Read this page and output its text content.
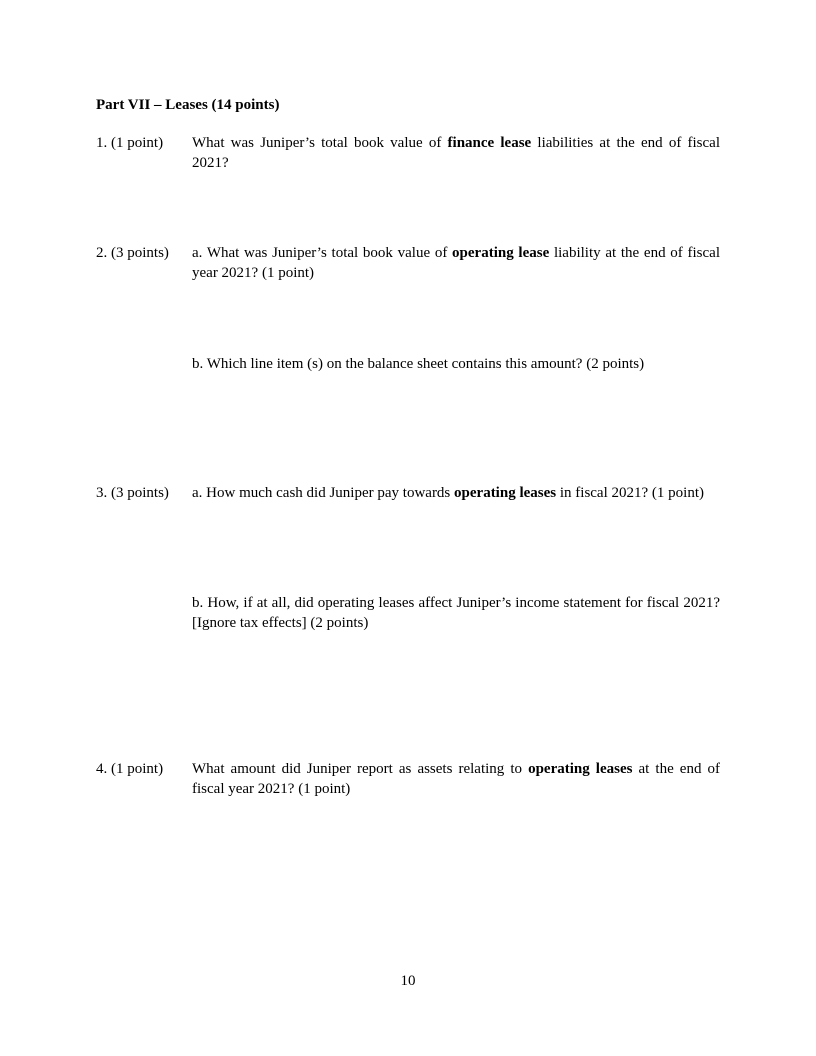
Part VII – Leases (14 points)
1. (1 point) What was Juniper’s total book value of finance lease liabilities at the end of fiscal 2021?
2. (3 points) a. What was Juniper’s total book value of operating lease liability at the end of fiscal year 2021? (1 point)
b. Which line item (s) on the balance sheet contains this amount? (2 points)
3. (3 points) a. How much cash did Juniper pay towards operating leases in fiscal 2021? (1 point)
b. How, if at all, did operating leases affect Juniper’s income statement for fiscal 2021? [Ignore tax effects] (2 points)
4. (1 point) What amount did Juniper report as assets relating to operating leases at the end of fiscal year 2021? (1 point)
10
